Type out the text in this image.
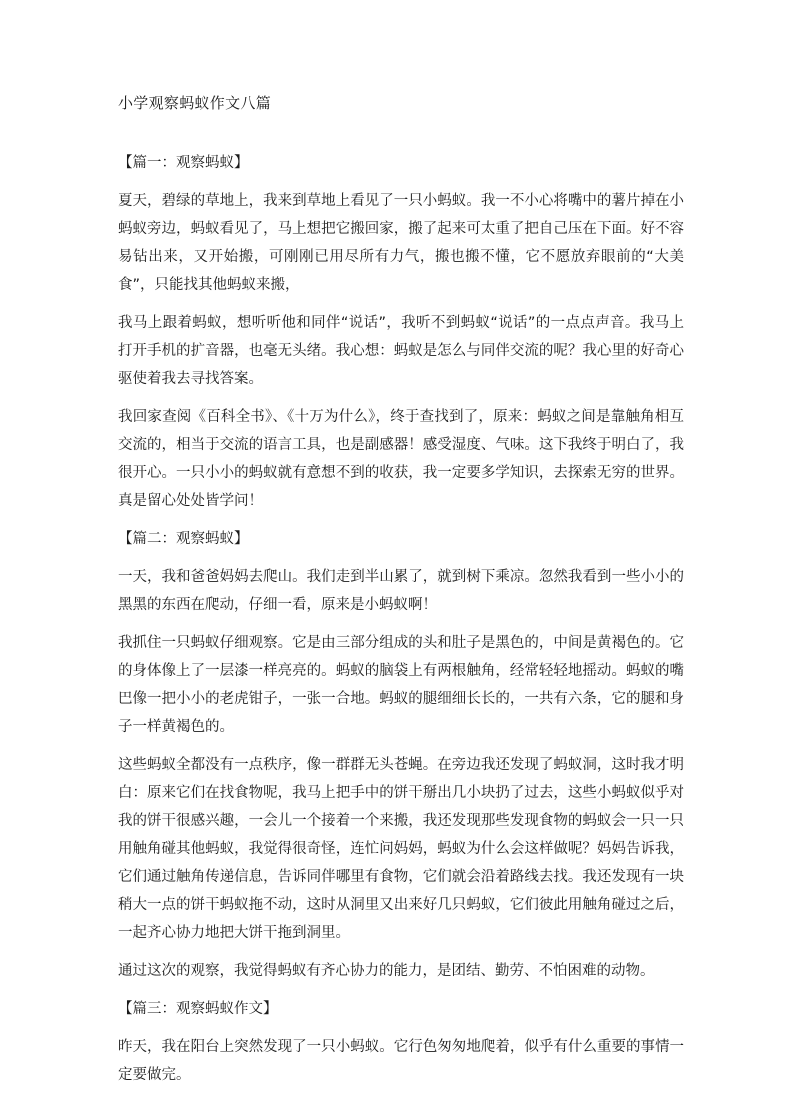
小学观察蚂蚁作文八篇
【篇一：观察蚂蚁】

夏天，碧绿的草地上，我来到草地上看见了一只小蚂蚁。我一不小心将嘴中的薯片掉在小蚂蚁旁边，蚂蚁看见了，马上想把它搬回家，搬了起来可太重了把自己压在下面。好不容易钻出来，又开始搬，可刚刚已用尽所有力气，搬也搬不懂，它不愿放弃眼前的“大美食”，只能找其他蚂蚁来搬，

我马上跟着蚂蚁，想听听他和同伴“说话”，我听不到蚂蚁“说话”的一点点声音。我马上打开手机的扩音器，也毫无头绪。我心想：蚂蚁是怎么与同伴交流的呢？我心里的好奇心驱使着我去寻找答案。

我回家查阅《百科全书》、《十万为什么》，终于查找到了，原来：蚂蚁之间是靠触角相互交流的，相当于交流的语言工具，也是副感器！感受湿度、气味。这下我终于明白了，我很开心。一只小小的蚂蚁就有意想不到的收获，我一定要多学知识，去探索无穷的世界。真是留心处处皆学问！

【篇二：观察蚂蚁】

一天，我和爸爸妈妈去爬山。我们走到半山累了，就到树下乘凉。忽然我看到一些小小的黑黑的东西在爬动，仔细一看，原来是小蚂蚁啊！

我抓住一只蚂蚁仔细观察。它是由三部分组成的头和肚子是黑色的，中间是黄褐色的。它的身体像上了一层漆一样亮亮的。蚂蚁的脑袋上有两根触角，经常轻轻地摇动。蚂蚁的嘴巴像一把小小的老虎钳子，一张一合地。蚂蚁的腿细细长长的，一共有六条，它的腿和身子一样黄褐色的。

这些蚂蚁全都没有一点秩序，像一群群无头苍蝇。在旁边我还发现了蚂蚁洞，这时我才明白：原来它们在找食物呢，我马上把手中的饼干掰出几小块扔了过去，这些小蚂蚁似乎对我的饼干很感兴趣，一会儿一个接着一个来搬，我还发现那些发现食物的蚂蚁会一只一只用触角碰其他蚂蚁，我觉得很奇怪，连忙问妈妈，蚂蚁为什么会这样做呢？妈妈告诉我，它们通过触角传递信息，告诉同伴哪里有食物，它们就会沿着路线去找。我还发现有一块稍大一点的饼干蚂蚁拖不动，这时从洞里又出来好几只蚂蚁，它们彼此用触角碰过之后，一起齐心协力地把大饼干拖到洞里。

通过这次的观察，我觉得蚂蚁有齐心协力的能力，是团结、勤劳、不怕困难的动物。

【篇三：观察蚂蚁作文】

昨天，我在阳台上突然发现了一只小蚂蚁。它行色匆匆地爬着，似乎有什么重要的事情一定要做完。
